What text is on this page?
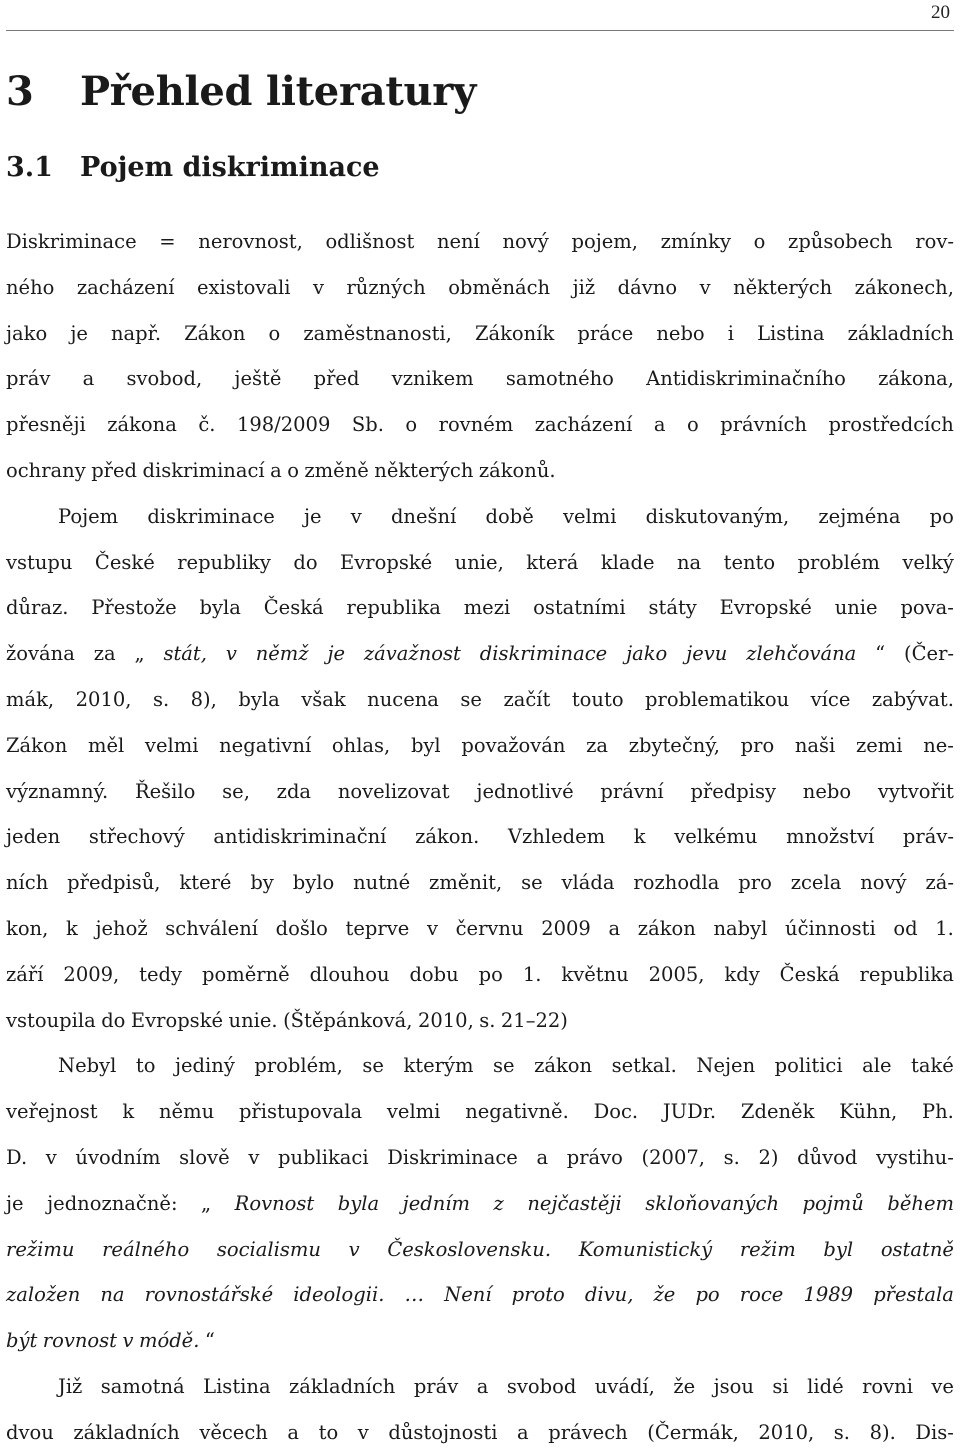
20
3 Přehled literatury
3.1 Pojem diskriminace
Diskriminace = nerovnost, odlišnost není nový pojem, zmínky o způsobech rov-
ného zacházení existovali v různých obměnách již dávno v některých zákonech,
jako je např. Zákon o zaměstnanosti, Zákoník práce nebo i Listina základních
práv a svobod, ještě před vznikem samotného Antidiskriminačního zákona,
přesněji zákona č. 198/2009 Sb. o rovném zacházení a o právních prostředcích
ochrany před diskriminací a o změně některých zákonů.
Pojem diskriminace je v dnešní době velmi diskutovaným, zejména po
vstupu České republiky do Evropské unie, která klade na tento problém velký
důraz. Přestože byla Česká republika mezi ostatními státy Evropské unie pova-
žována za „ stát, v němž je závažnost diskriminace jako jevu zlehčována “ (Čer-
mák, 2010, s. 8), byla však nucena se začít touto problematikou více zabývat.
Zákon měl velmi negativní ohlas, byl považován za zbytečný, pro naši zemi ne-
významný. Řešilo se, zda novelizovat jednotlivé právní předpisy nebo vytvořit
jeden střechový antidiskriminační zákon. Vzhledem k velkému množství práv-
ních předpisů, které by bylo nutné změnit, se vláda rozhodla pro zcela nový zá-
kon, k jehož schválení došlo teprve v červnu 2009 a zákon nabyl účinnosti od 1.
září 2009, tedy poměrně dlouhou dobu po 1. květnu 2005, kdy Česká republika
vstoupila do Evropské unie. (Štěpánková, 2010, s. 21–22)
Nebyl to jediný problém, se kterým se zákon setkal. Nejen politici ale také
veřejnost k němu přistupovala velmi negativně. Doc. JUDr. Zdeněk Kühn, Ph.
D. v úvodním slově v publikaci Diskriminace a právo (2007, s. 2) důvod vystihu-
je jednoznačně: „ Rovnost byla jedním z nejčastěji skloňovaných pojmů během
režimu reálného socialismu v Československu. Komunistický režim byl ostatně
založen na rovnostářské ideologii. … Není proto divu, že po roce 1989 přestala
být rovnost v módě. “
Již samotná Listina základních práv a svobod uvádí, že jsou si lidé rovni ve
dvou základních věcech a to v důstojnosti a právech (Čermák, 2010, s. 8). Dis-
